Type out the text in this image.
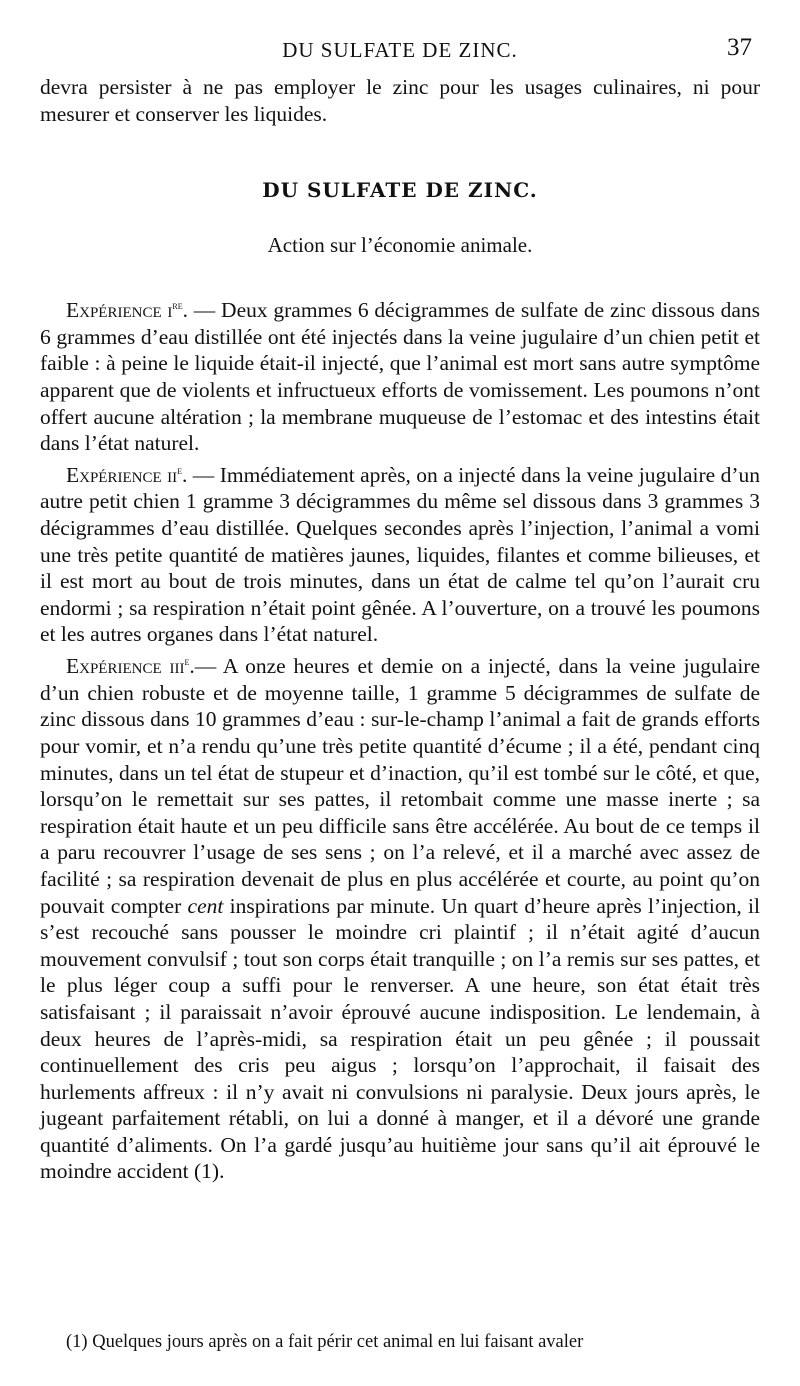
DU SULFATE DE ZINC.	37

devra persister à ne pas employer le zinc pour les usages culinaires, ni pour mesurer et conserver les liquides.

DU SULFATE DE ZINC.
Action sur l’économie animale.

Expérience $i^{re}$. — Deux grammes 6 décigrammes de sulfate de zinc dissous dans 6 grammes d’eau distillée ont été injectés dans la veine jugulaire d’un chien petit et faible : à peine le liquide était-il injecté, que l’animal est mort sans autre symptôme apparent que de violents et infructueux efforts de vomissement. Les poumons n’ont offert aucune altération ; la membrane muqueuse de l’estomac et des intestins était dans l’état naturel.

Expérience $ii^e$. — Immédiatement après, on a injecté dans la veine jugulaire d’un autre petit chien 1 gramme 3 décigrammes du même sel dissous dans 3 grammes 3 décigrammes d’eau distillée. Quelques secondes après l’injection, l’animal a vomi une très petite quantité de matières jaunes, liquides, filantes et comme bilieuses, et il est mort au bout de trois minutes, dans un état de calme tel qu’on l’aurait cru endormi ; sa respiration n’était point gênée. A l’ouverture, on a trouvé les poumons et les autres organes dans l’état naturel.

Expérience iii$^e$.— A onze heures et demie on a injecté, dans la veine jugulaire d’un chien robuste et de moyenne taille, 1 gramme 5 décigrammes de sulfate de zinc dissous dans 10 grammes d’eau : sur-le-champ l’animal a fait de grands efforts pour vomir, et n’a rendu qu’une très petite quantité d’écume ; il a été, pendant cinq minutes, dans un tel état de stupeur et d’inaction, qu’il est tombé sur le côté, et que, lorsqu’on le remettait sur ses pattes, il retombait comme une masse inerte ; sa respiration était haute et un peu difficile sans être accélérée. Au bout de ce temps il a paru recouvrer l’usage de ses sens ; on l’a relevé, et il a marché avec assez de facilité ; sa respiration devenait de plus en plus accélérée et courte, au point qu’on pouvait compter cent inspirations par minute. Un quart d’heure après l’injection, il s’est recouché sans pousser le moindre cri plaintif ; il n’était agité d’aucun mouvement convulsif ; tout son corps était tranquille ; on l’a remis sur ses pattes, et le plus léger coup a suffi pour le renverser. A une heure, son état était très satisfaisant ; il paraissait n’avoir éprouvé aucune indisposition. Le lendemain, à deux heures de l’après-midi, sa respiration était un peu gênée ; il poussait continuellement des cris peu aigus ; lorsqu’on l’approchait, il faisait des hurlements affreux : il n’y avait ni convulsions ni paralysie. Deux jours après, le jugeant parfaitement rétabli, on lui a donné à manger, et il a dévoré une grande quantité d’aliments. On l’a gardé jusqu’au huitième jour sans qu’il ait éprouvé le moindre accident (1).

(1) Quelques jours après on a fait périr cet animal en lui faisant avaler
